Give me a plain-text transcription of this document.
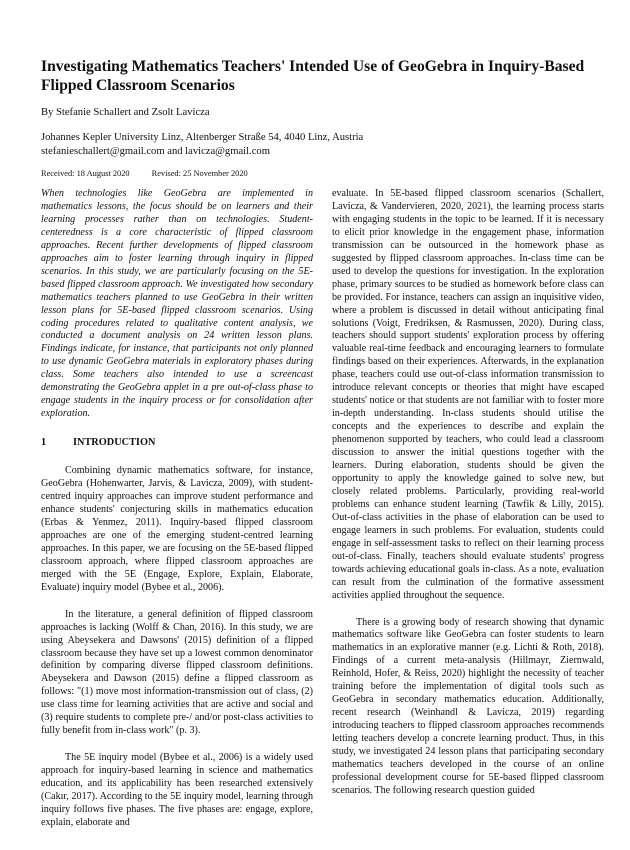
Investigating Mathematics Teachers' Intended Use of GeoGebra in Inquiry-Based Flipped Classroom Scenarios
By Stefanie Schallert and Zsolt Lavicza
Johannes Kepler University Linz, Altenberger Straße 54, 4040 Linz, Austria
stefanieschallert@gmail.com and lavicza@gmail.com
Received: 18 August 2020	Revised: 25 November 2020

When technologies like GeoGebra are implemented in mathematics lessons, the focus should be on learners and their learning processes rather than on technologies. Student-centeredness is a core characteristic of flipped classroom approaches. Recent further developments of flipped classroom approaches aim to foster learning through inquiry in flipped scenarios. In this study, we are particularly focusing on the 5E-based flipped classroom approach. We investigated how secondary mathematics teachers planned to use GeoGebra in their written lesson plans for 5E-based flipped classroom scenarios. Using coding procedures related to qualitative content analysis, we conducted a document analysis on 24 written lesson plans. Findings indicate, for instance, that participants not only planned to use dynamic GeoGebra materials in exploratory phases during class. Some teachers also intended to use a screencast demonstrating the GeoGebra applet in a pre out-of-class phase to engage students in the inquiry process or for consolidation after exploration.

1	INTRODUCTION

Combining dynamic mathematics software, for instance, GeoGebra (Hohenwarter, Jarvis, & Lavicza, 2009), with student-centred inquiry approaches can improve student performance and enhance students' conjecturing skills in mathematics education (Erbas & Yenmez, 2011). Inquiry-based flipped classroom approaches are one of the emerging student-centred learning approaches. In this paper, we are focusing on the 5E-based flipped classroom approach, where flipped classroom approaches are merged with the 5E (Engage, Explore, Explain, Elaborate, Evaluate) inquiry model (Bybee et al., 2006).

In the literature, a general definition of flipped classroom approaches is lacking (Wolff & Chan, 2016). In this study, we are using Abeysekera and Dawsons' (2015) definition of a flipped classroom because they have set up a lowest common denominator definition by comparing diverse flipped classroom definitions. Abeysekera and Dawson (2015) define a flipped classroom as follows: "(1) move most information-transmission out of class, (2) use class time for learning activities that are active and social and (3) require students to complete pre-/ and/or post-class activities to fully benefit from in-class work" (p. 3).

The 5E inquiry model (Bybee et al., 2006) is a widely used approach for inquiry-based learning in science and mathematics education, and its applicability has been researched extensively (Cakır, 2017). According to the 5E inquiry model, learning through inquiry follows five phases. The five phases are: engage, explore, explain, elaborate and

evaluate. In 5E-based flipped classroom scenarios (Schallert, Lavicza, & Vandervieren, 2020, 2021), the learning process starts with engaging students in the topic to be learned. If it is necessary to elicit prior knowledge in the engagement phase, information transmission can be outsourced in the homework phase as suggested by flipped classroom approaches. In-class time can be used to develop the questions for investigation. In the exploration phase, primary sources to be studied as homework before class can be provided. For instance, teachers can assign an inquisitive video, where a problem is discussed in detail without anticipating final solutions (Voigt, Fredriksen, & Rasmussen, 2020). During class, teachers should support students' exploration process by offering valuable real-time feedback and encouraging learners to formulate findings based on their experiences. Afterwards, in the explanation phase, teachers could use out-of-class information transmission to introduce relevant concepts or theories that might have escaped students' notice or that students are not familiar with to foster more in-depth understanding. In-class students should utilise the concepts and the experiences to describe and explain the phenomenon supported by teachers, who could lead a classroom discussion to answer the initial questions together with the learners. During elaboration, students should be given the opportunity to apply the knowledge gained to solve new, but closely related problems. Particularly, providing real-world problems can enhance student learning (Tawfik & Lilly, 2015). Out-of-class activities in the phase of elaboration can be used to engage learners in such problems. For evaluation, students could engage in self-assessment tasks to reflect on their learning process out-of-class. Finally, teachers should evaluate students' progress towards achieving educational goals in-class. As a note, evaluation can result from the culmination of the formative assessment activities applied throughout the sequence.

There is a growing body of research showing that dynamic mathematics software like GeoGebra can foster students to learn mathematics in an explorative manner (e.g. Lichti & Roth, 2018). Findings of a current meta-analysis (Hillmayr, Ziernwald, Reinhold, Hofer, & Reiss, 2020) highlight the necessity of teacher training before the implementation of digital tools such as GeoGebra in secondary mathematics education. Additionally, recent research (Weinhandl & Lavicza, 2019) regarding introducing teachers to flipped classroom approaches recommends letting teachers develop a concrete learning product. Thus, in this study, we investigated 24 lesson plans that participating secondary mathematics teachers developed in the course of an online professional development course for 5E-based flipped classroom scenarios. The following research question guided
